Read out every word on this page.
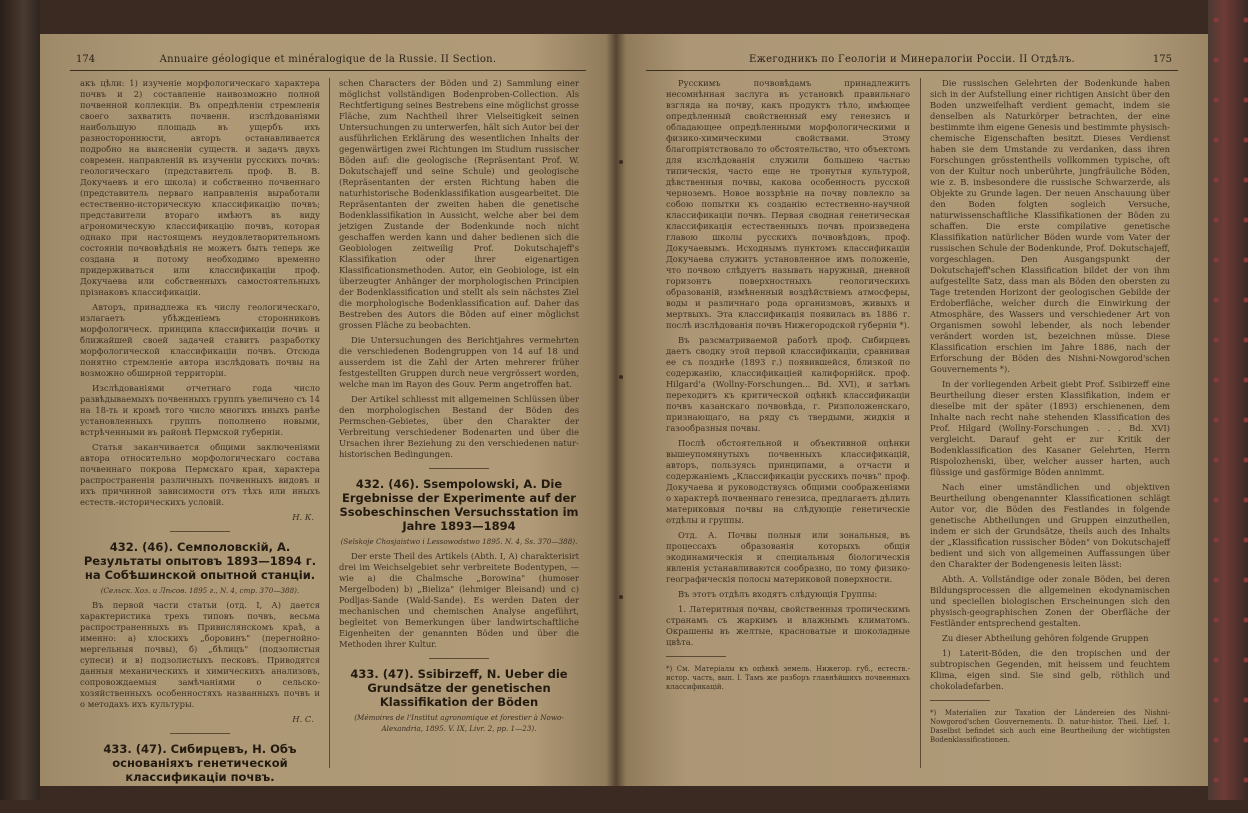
174	Annuaire géologique et minéralogique de la Russie. II Section.

акъ цѣли: 1) изученіе морфологическаго характера почвъ и 2) составленіе наивозможно полной почвенной коллекціи. Въ опредѣленіи стремленія своего захватить почвенн. изслѣдованіями наибольшую площадь въ ущербъ ихъ разностороннюсти, авторъ останавливается подробно на выясненіи существ. и задачъ двухъ современ. направленій въ изученіи русскихъ почвъ: геологическаго (представитель проф. В. В. Докучаевъ и его школа) и собственно почвеннаго (представитель перваго направленія выработали естественно-историческую классификацію почвъ; представители втораго имѣютъ въ виду агрономическую классификацію почвъ, которая однако при настоящемъ неудовлетворительномъ состояніи почвовѣдѣнія не можетъ быть теперь же создана и потому необходимо временно придерживаться или классификаціи проф. Докучаева или собственныхъ самостоятельныхъ прізнаковъ классификаціи.

Авторъ, принадлежа къ числу геологическаго, излагаетъ убѣжденіемъ сторонниковъ морфологическ. принципа классификаціи почвъ и ближайшей своей задачей ставитъ разработку морфологической классификаціи почвъ. Отсюда понятно стремленіе автора изслѣдовать почвы на возможно обширной территоріи.

Изслѣдованіями отчетнаго года число развѣдываемыхъ почвенныхъ группъ увеличено съ 14 на 18-ть и кромѣ того число многихъ иныхъ ранѣе установленныхъ группъ пополнено новыми, встрѣченными въ районѣ Пермской губерніи.

Статья заканчивается общими заключеніями автора относительно морфологическаго состава почвеннаго покрова Пермскаго края, характера распространенія различныхъ почвенныхъ видовъ и ихъ причинной зависимости отъ тѣхъ или иныхъ естеств.-историческихъ условій.

Н. К.
432. (46). Семполовскій, А. Результаты опытовъ 1893—1894 г. на Собѣшинской опытной станціи.
(Сельск. Хоз. и Лѣсов. 1895 г., N. 4, стр. 370—388).

Въ первой части статьи (отд. I, А) дается характеристика трехъ типовъ почвъ, весьма распространенныхъ въ Привислянскомъ краѣ, а именно: а) хлоскихъ „боровинъ" (перегнойно-мергельныя почвы), б) „бѣлицъ" (подзолистыя супеси) и в) подзолистыхъ песковъ. Приводятся данныя механическихъ и химическихъ анализовъ, сопровождаемыя замѣчаніями о сельско-хозяйственныхъ особенностяхъ названныхъ почвъ и о методахъ ихъ культуры.

Н. С.
433. (47). Сибирцевъ, Н. Объ основаніяхъ генетической классификаціи почвъ.
(Записки Ново-Александр. Инст. Сельск.-Хоз. и Лѣсоводства. 1895 г., Т. IX, вып. 2, стр. 1—23).

schen Characters der Böden und 2) Sammlung einer möglichst vollständigen Bodenproben-Collection. Als Rechtfertigung seines Bestrebens eine möglichst grosse Fläche, zum Nachtheil ihrer Vielseitigkeit seinen Untersuchungen zu unterwerfen, hält sich Autor bei der ausführlichen Erklärung des wesentlichen Inhalts der gegenwärtigen zwei Richtungen im Studium russischer Böden auf: die geologische (Repräsentant Prof. W. Dokutschajeff und seine Schule) und geologische (Repräsentanten der ersten Richtung haben die naturhistorische Bodenklassifikation ausgearbeitet. Die Repräsentanten der zweiten haben die genetische Bodenklassifikation in Aussicht, welche aber bei dem jetzigen Zustande der Bodenkunde noch nicht geschaffen werden kann und daher bedienen sich die Geobiologen zeitweilig Prof. Dokutschajeff's Klassifikation oder ihrer eigenartigen Klassificationsmethoden. Autor, ein Geobiologe, ist ein überzeugter Anhänger der morphologischen Principien der Bodenklassification und stellt als sein nächstes Ziel die morphologische Bodenklassification auf. Daher das Bestreben des Autors die Böden auf einer möglichst grossen Fläche zu beobachten.

Die Untersuchungen des Berichtjahres vermehrten die verschiedenen Bodengruppen von 14 auf 18 und ausserdem ist die Zahl der Arten mehrerer früher festgestellten Gruppen durch neue vergrössert worden, welche man im Rayon des Gouv. Perm angetroffen hat.

Der Artikel schliesst mit allgemeinen Schlüssen über den morphologischen Bestand der Böden des Permschen-Gebietes, über den Charakter der Verbreitung verschiedener Bodenarten und über die Ursachen ihrer Beziehung zu den verschiedenen natur-historischen Bedingungen.

432. (46). Ssempolowski, A. Die Ergebnisse der Experimente auf der Ssobeschinschen Versuchsstation im Jahre 1893—1894
(Selskoje Chosjaistwo i Lessowodstwo 1895. N. 4, Ss. 370—388).

Der erste Theil des Artikels (Abth. I, A) charakterisirt drei im Weichselgebiet sehr verbreitete Bodentypen, — wie a) die Chalmsche „Borowina" (humoser Mergelboden) b) „Bieliza" (lehmiger Bleisand) und c) Podljas-Sande (Wald-Sande). Es werden Daten der mechanischen und chemischen Analyse angeführt, begleitet von Bemerkungen über landwirtschaftliche Eigenheiten der genannten Böden und über die Methoden ihrer Kultur.

433. (47). Ssibirzeff, N. Ueber die Grundsätze der genetischen Klassifikation der Böden
(Mémoires de l'Institut agronomique et forestier à Nowo-Alexandria, 1895. V. IX, Livr. 2, pp. 1—23).
Ежегодникъ по Геологіи и Минералогіи Россіи. II Отдѣлъ.	175

Русскимъ почвовѣдамъ принадлежитъ несомнѣнная заслуга въ установкѣ правильнаго взгляда на почву, какъ продуктъ тѣло, имѣющее опредѣленный свойственный ему генезисъ и обладающее опредѣленными морфологическими и физико-химическими свойствами. Этому благопріятствовало то обстоятельство, что объектомъ для изслѣдованія служили большею частью типическія, часто еще не тронутыя культурой, дѣвственныя почвы, какова особенность русской черноземъ. Новое воззрѣніе на почву повлекло за собою попытки къ созданію естественно-научной классификаціи почвъ. Первая сводная генетическая классификація естественныхъ почвъ произведена главою школы русскихъ почвовѣдовъ, проф. Докучаевымъ. Исходнымъ пунктомъ классификаціи Докучаева служитъ установленное имъ положеніе, что почвою слѣдуетъ называть наружный, дневной горизонтъ поверхностныхъ геологическихъ образованій, измѣненный воздѣйствіемъ атмосферы, воды и различнаго рода организмовъ, живыхъ и мертвыхъ. Эта классификація появилась въ 1886 г. послѣ изслѣдованія почвъ Нижегородской губерніи *).

Въ разсматриваемой работѣ проф. Сибирцевъ даетъ сводку этой первой классификаціи, сравнивая ее съ позднѣе (1893 г.) появившейся, близкой по содержанію, классификаціей калифорнійск. проф. Hilgard'a (Wollny-Forschungen... Bd. XVI), и затѣмъ переходитъ къ критической оцѣнкѣ классификаціи почвъ казанскаго почвовѣда, г. Ризположенскаго, признающаго, на ряду съ твердыми, жидкія и газообразныя почвы.

Послѣ обстоятельной и объективной оцѣнки вышеупомянутыхъ почвенныхъ классификацій, авторъ, пользуясь принципами, а отчасти и содержаніемъ „Классификаціи русскихъ почвъ" проф. Докучаева и руководствуясь общими соображеніями о характерѣ почвеннаго генезиса, предлагаетъ дѣлить материковыя почвы на слѣдующіе генетическіе отдѣлы и группы.

Отд. А. Почвы полныя или зональныя, въ процессахъ образованія которыхъ общія экодинамическія и специальныя біологическія явленія устанавливаются сообразно, по тому физико-географическія полосы материковой поверхности.

Въ этотъ отдѣлъ входятъ слѣдующія Группы:

1. Латеритныя почвы, свойственныя тропическимъ странамъ съ жаркимъ и влажнымъ климатомъ. Окрашены въ желтые, красноватые и шоколадные цвѣта.

*) См. Матеріалы къ оцѣнкѣ земель. Нижегор. губ., естеств.-истор. часть, вып. I. Тамъ же разборъ главнѣйшихъ почвенныхъ классификацій.

Die russischen Gelehrten der Bodenkunde haben sich in der Aufstellung einer richtigen Ansicht über den Boden unzweifelhaft verdient gemacht, indem sie denselben als Naturkörper betrachten, der eine bestimmte ihm eigene Genesis und bestimmte physisch-chemische Eigenschaften besitzt. Dieses Verdienst haben sie dem Umstande zu verdanken, dass ihren Forschungen grösstentheils vollkommen typische, oft von der Kultur noch unberührte, jungfräuliche Böden, wie z. B. insbesondere die russische Schwarzerde, als Objekte zu Grunde lagen. Der neuen Anschauung über den Boden folgten sogleich Versuche, naturwissenschaftliche Klassifikationen der Böden zu schaffen. Die erste compilative genetische Klassifikation natürlicher Böden wurde vom Vater der russischen Schule der Bodenkunde, Prof. Dokutschajeff, vorgeschlagen. Den Ausgangspunkt der Dokutschajeff'schen Klassification bildet der von ihm aufgestellte Satz, dass man als Böden den obersten zu Tage tretenden Horizont der geologischen Gebilde der Erdoberfläche, welcher durch die Einwirkung der Atmosphäre, des Wassers und verschiedener Art von Organismen sowohl lebender, als noch lebender verändert worden ist, bezeichnen müsse. Diese Klassification erschien im Jahre 1886, nach der Erforschung der Böden des Nishni-Nowgorod'schen Gouvernements *).

In der vorliegenden Arbeit giebt Prof. Ssibirzeff eine Beurtheilung dieser ersten Klassifikation, indem er dieselbe mit der später (1893) erschienenen, dem Inhalte nach recht nahe stehenden Klassification des Prof. Hilgard (Wollny-Forschungen . . . Bd. XVI) vergleicht. Darauf geht er zur Kritik der Bodenklassification des Kasaner Gelehrten, Herrn Rispolozhenski, über, welcher ausser harten, auch flüssige und gasförmige Böden annimmt.

Nach einer umständlichen und objektiven Beurtheilung obengenannter Klassificationen schlägt Autor vor, die Böden des Festlandes in folgende genetische Abtheilungen und Gruppen einzutheilen, indem er sich der Grundsätze, theils auch des Inhalts der „Klassification russischer Böden" von Dokutschajeff bedient und sich von allgemeinen Auffassungen über den Charakter der Bodengenesis leiten lässt:

Abth. A. Vollständige oder zonale Böden, bei deren Bildungsprocessen die allgemeinen ekodynamischen und speciellen biologischen Erscheinungen sich den physisch-geographischen Zonen der Oberfläche der Festländer entsprechend gestalten.

Zu dieser Abtheilung gehören folgende Gruppen

1) Laterit-Böden, die den tropischen und der subtropischen Gegenden, mit heissem und feuchtem Klima, eigen sind. Sie sind gelb, röthlich und chokoladefarben.

*) Materialien zur Taxation der Ländereien des Nishni-Nowgorod'schen Gouvernements. D. natur-histor. Theil. Lief. 1. Daselbst befindet sich auch eine Beurtheilung der wichtigsten Bodenklassificationen.
